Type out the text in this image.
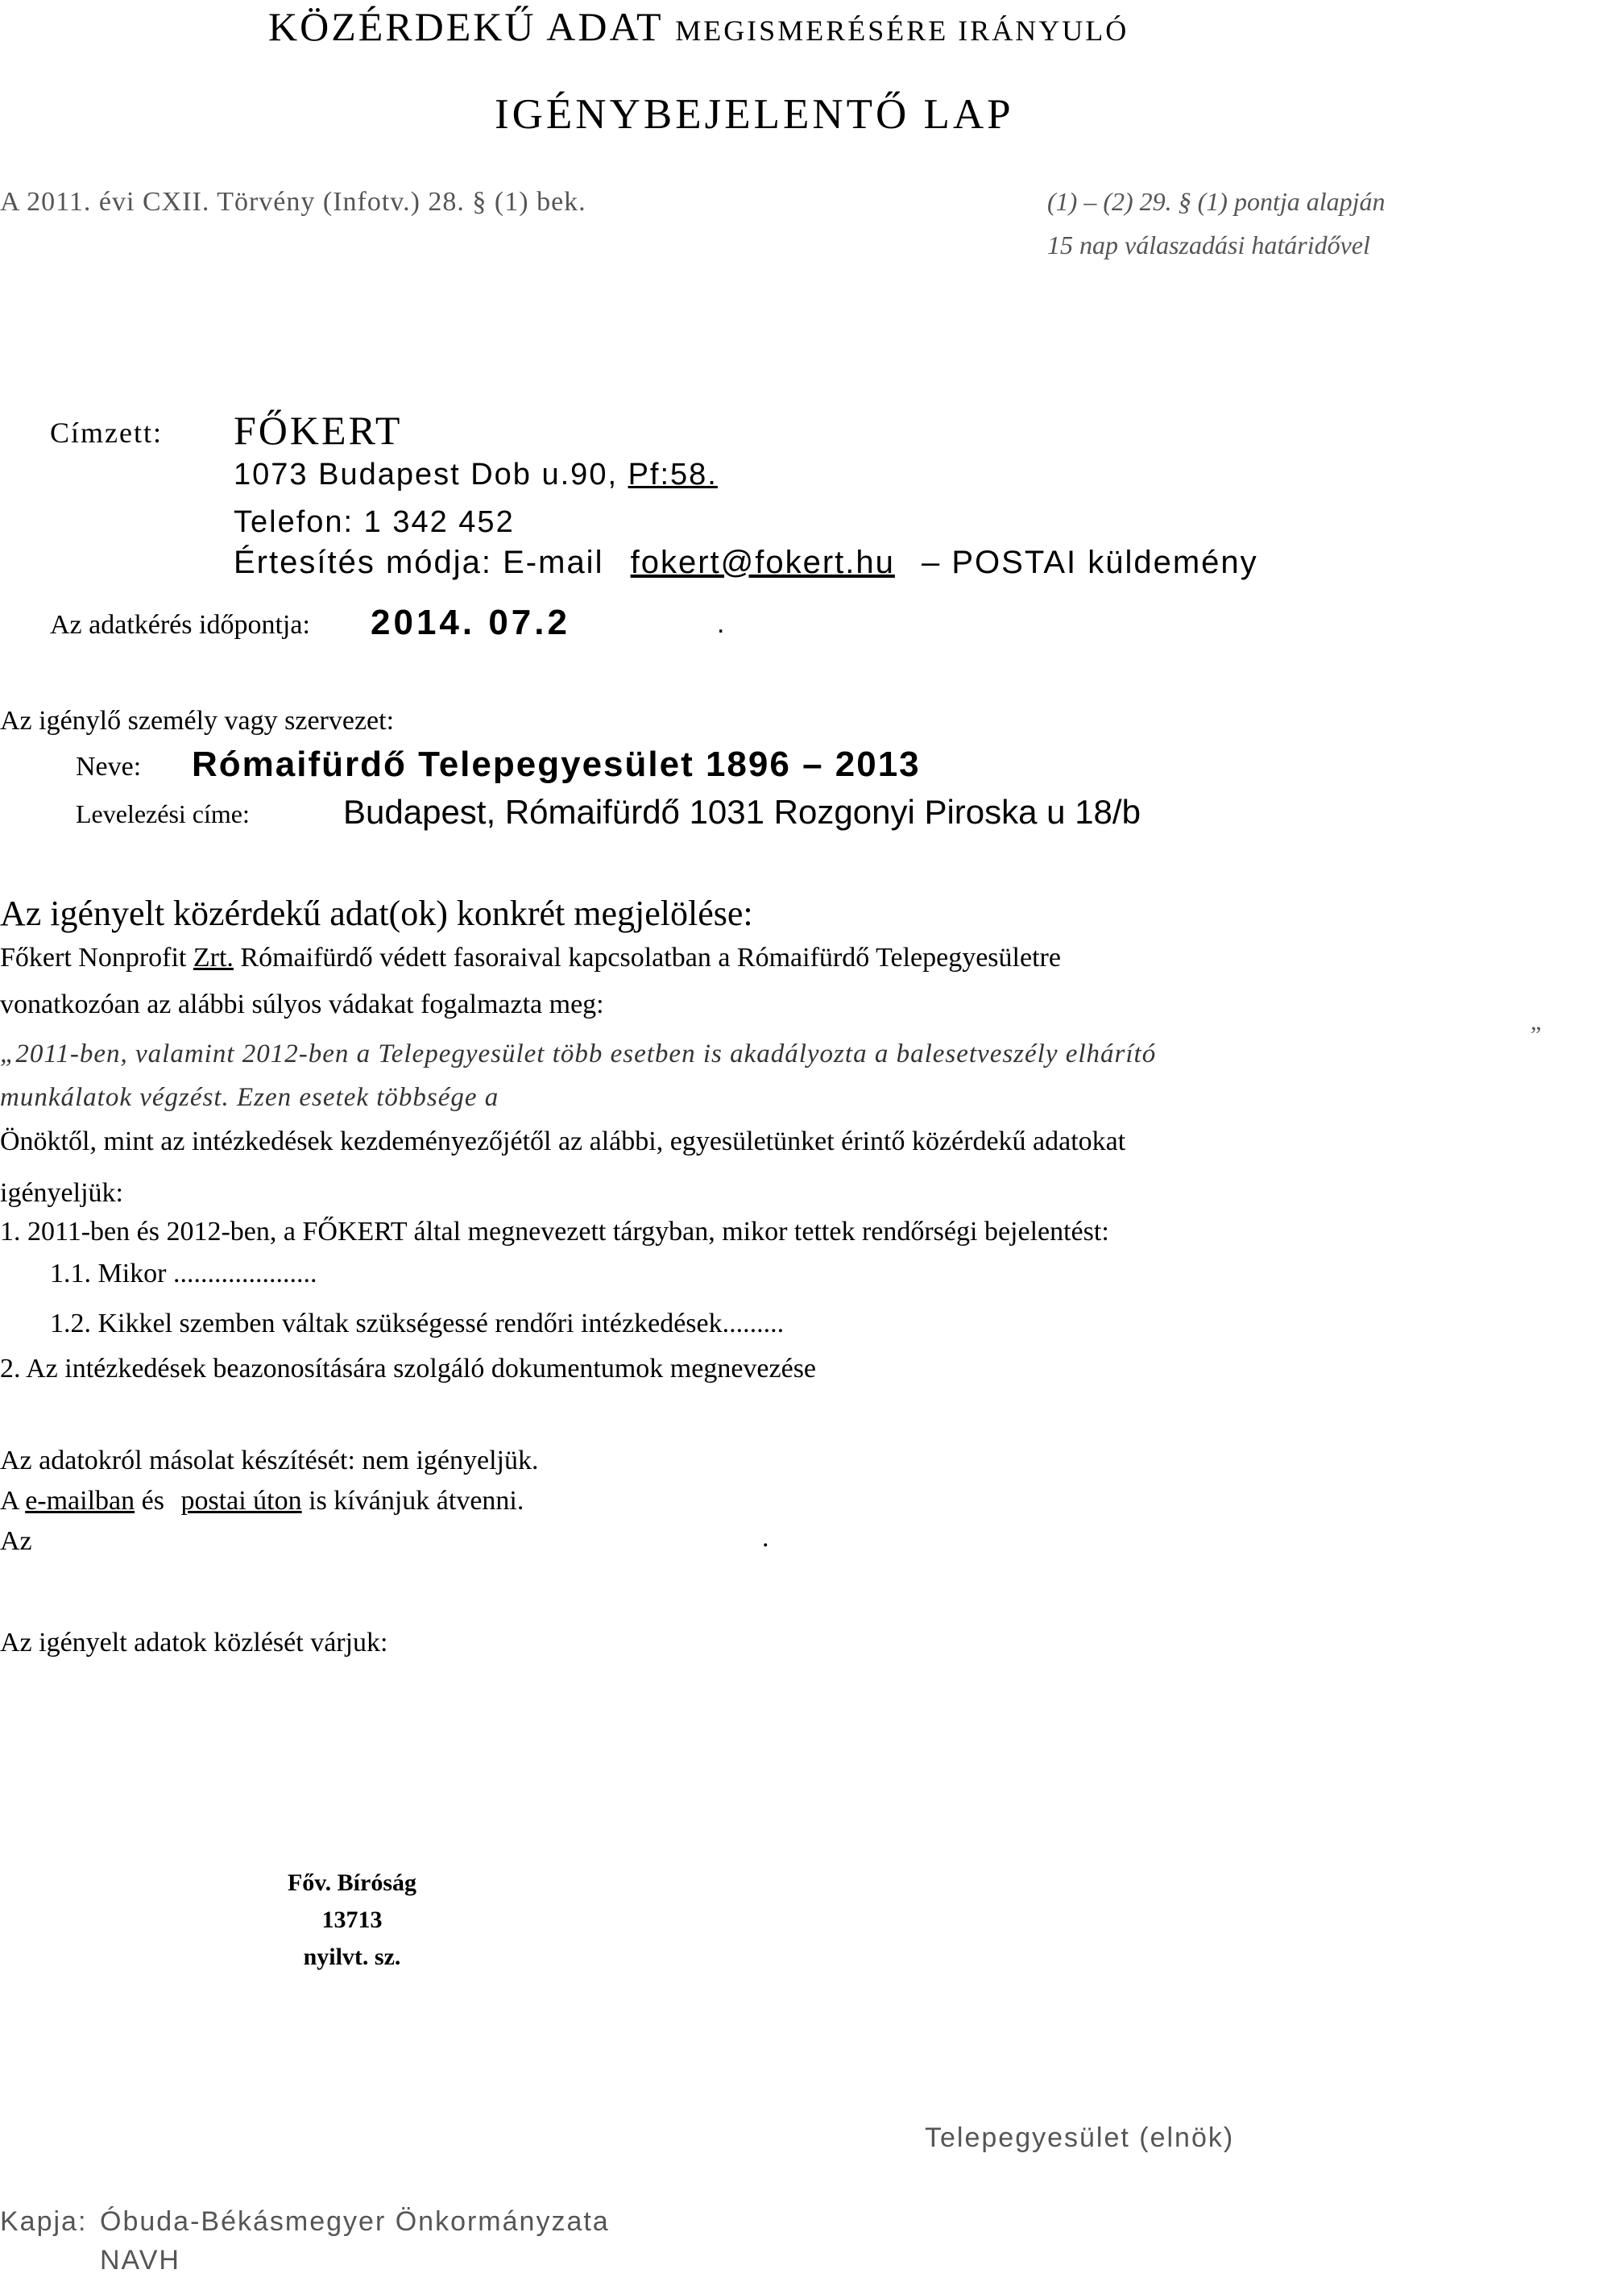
KÖZÉRDEKŰ ADAT MEGISMERÉSÉRE IRÁNYULÓ
IGÉNYBEJELENTŐ LAP
A 2011. évi CXII. Törvény (Infotv.) 28. § (1) bek.	(1) – (2) 29. § (1) pontja alapján
15 nap válaszadási határidővel
Címzett: FŐKERT
1073 Budapest Dob u.90, Pf:58.
Telefon: 1 342 452
Értesítés módja: E-mail fokert@fokert.hu – POSTAI küldemény
Az adatkérés időpontja: 2014. 07.2	.
Az igénylő személy vagy szervezet:
Neve: Rómaifürdő Telepegyesület 1896 – 2013
Levelezési címe:	Budapest, Rómaifürdő 1031 Rozgonyi Piroska u 18/b
Az igényelt közérdekű adat(ok) konkrét megjelölése:
Főkert Nonprofit Zrt. Rómaifürdő védett fasoraival kapcsolatban a Rómaifürdő Telepegyesületre
vonatkozóan az alábbi súlyos vádakat fogalmazta meg:
„2011-ben, valamint 2012-ben a Telepegyesület több esetben is akadályozta a balesetveszély elhárító
”
munkálatok végzést. Ezen esetek többsége a
Önöktől, mint az intézkedések kezdeményezőjétől az alábbi, egyesületünket érintő közérdekű adatokat
igényeljük:
1. 2011-ben és 2012-ben, a FŐKERT által megnevezett tárgyban, mikor tettek rendőrségi bejelentést:
1.1. Mikor .....................
1.2. Kikkel szemben váltak szükségessé rendőri intézkedések.........
2. Az intézkedések beazonosítására szolgáló dokumentumok megnevezése
Az adatokról másolat készítését: nem igényeljük.
A e-mailban és postai úton is kívánjuk átvenni.
Az	.
Az igényelt adatok közlését várjuk:
Főv. Bíróság
13713
nyilvt. sz.
Telepegyesület (elnök)
Kapja: Óbuda-Békásmegyer Önkormányzata
NAVH
